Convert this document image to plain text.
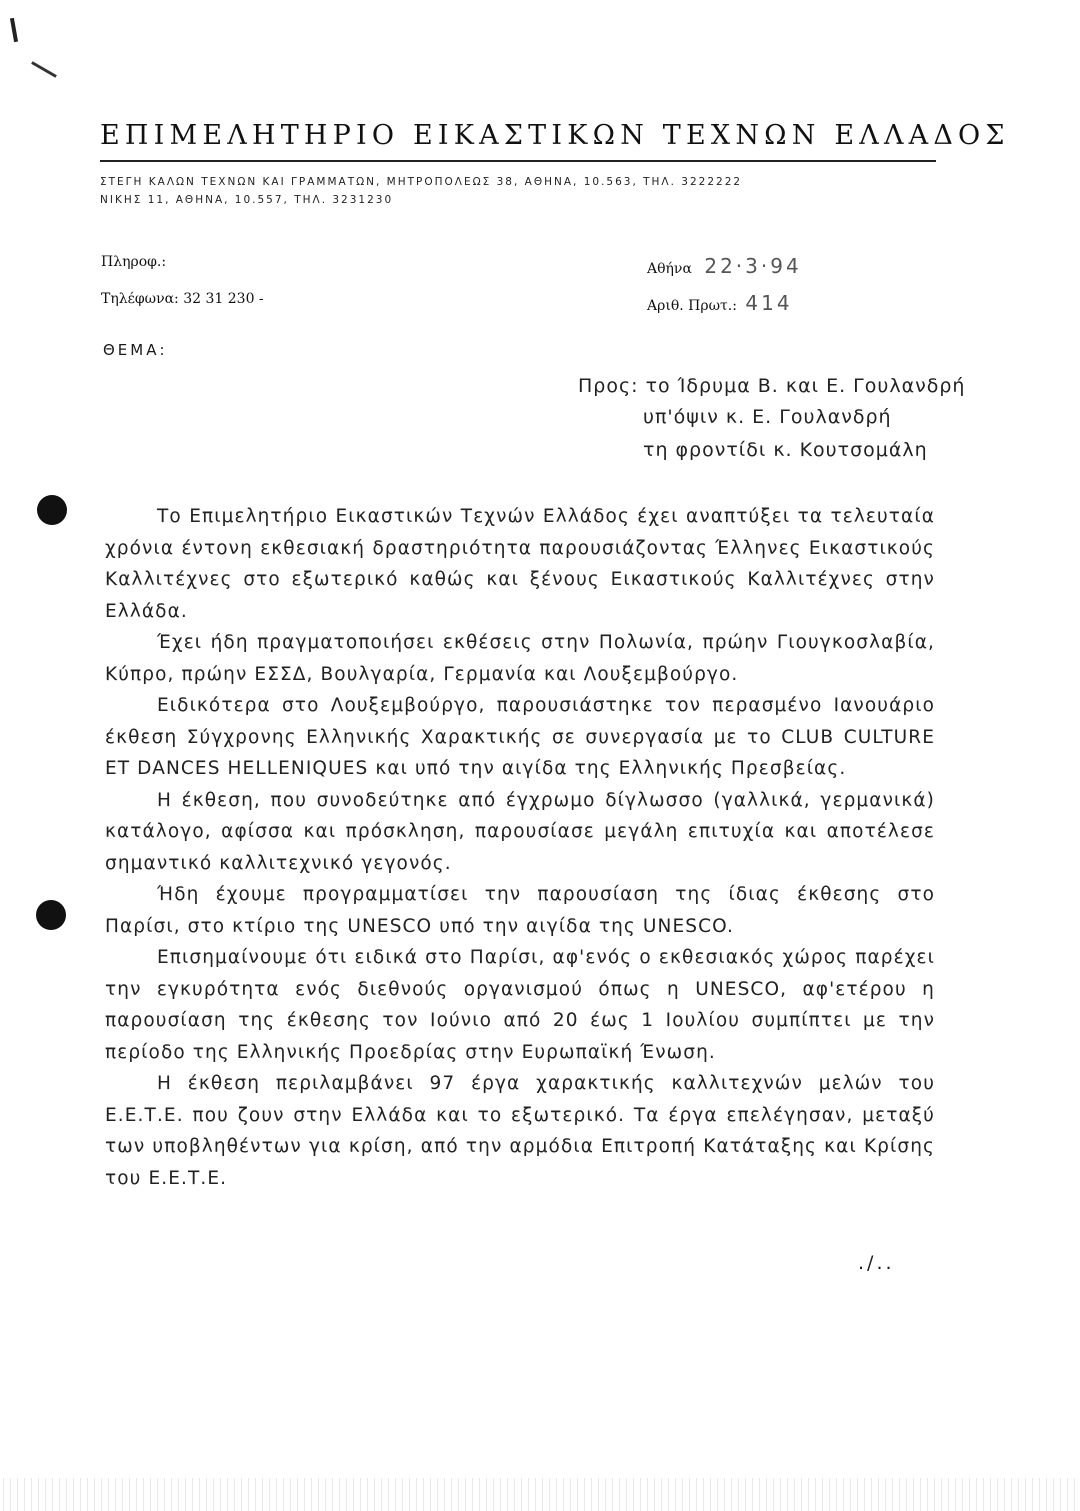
ΕΠΙΜΕΛΗΤΗΡΙΟ ΕΙΚΑΣΤΙΚΩΝ ΤΕΧΝΩΝ ΕΛΛΑΔΟΣ
ΣΤΕΓΗ ΚΑΛΩΝ ΤΕΧΝΩΝ ΚΑΙ ΓΡΑΜΜΑΤΩΝ, ΜΗΤΡΟΠΟΛΕΩΣ 38, ΑΘΗΝΑ, 10.563, ΤΗΛ. 3222222
ΝΙΚΗΣ 11, ΑΘΗΝΑ, 10.557, ΤΗΛ. 3231230
Πληροφ.:
Τηλέφωνα: 32 31 230 -
Αθήνα 22·3·94
Αριθ. Πρωτ.: 414
ΘΕΜΑ:
Προς: το Ίδρυμα Β. και Ε. Γουλανδρή
υπ'όψιν κ. Ε. Γουλανδρή
τη φροντίδι κ. Κουτσομάλη

Το Επιμελητήριο Εικαστικών Τεχνών Ελλάδος έχει αναπτύξει τα τελευταία χρόνια έντονη εκθεσιακή δραστηριότητα παρουσιάζοντας Έλληνες Εικαστικούς Καλλιτέχνες στο εξωτερικό καθώς και ξένους Εικαστικούς Καλλιτέχνες στην Ελλάδα.

Έχει ήδη πραγματοποιήσει εκθέσεις στην Πολωνία, πρώην Γιουγκοσλαβία, Κύπρο, πρώην ΕΣΣΔ, Βουλγαρία, Γερμανία και Λουξεμβούργο.

Ειδικότερα στο Λουξεμβούργο, παρουσιάστηκε τον περασμένο Ιανουάριο έκθεση Σύγχρονης Ελληνικής Χαρακτικής σε συνεργασία με το CLUB CULTURE ET DANCES HELLENIQUES και υπό την αιγίδα της Ελληνικής Πρεσβείας.

Η έκθεση, που συνοδεύτηκε από έγχρωμο δίγλωσσο (γαλλικά, γερμανικά) κατάλογο, αφίσσα και πρόσκληση, παρουσίασε μεγάλη επιτυχία και αποτέλεσε σημαντικό καλλιτεχνικό γεγονός.

Ήδη έχουμε προγραμματίσει την παρουσίαση της ίδιας έκθεσης στο Παρίσι, στο κτίριο της UNESCO υπό την αιγίδα της UNESCO.

Επισημαίνουμε ότι ειδικά στο Παρίσι, αφ'ενός ο εκθεσιακός χώρος παρέχει την εγκυρότητα ενός διεθνούς οργανισμού όπως η UNESCO, αφ'ετέρου η παρουσίαση της έκθεσης τον Ιούνιο από 20 έως 1 Ιουλίου συμπίπτει με την περίοδο της Ελληνικής Προεδρίας στην Ευρωπαϊκή Ένωση.

Η έκθεση περιλαμβάνει 97 έργα χαρακτικής καλλιτεχνών μελών του Ε.Ε.Τ.Ε. που ζουν στην Ελλάδα και το εξωτερικό. Τα έργα επελέγησαν, μεταξύ των υποβληθέντων για κρίση, από την αρμόδια Επιτροπή Κατάταξης και Κρίσης του Ε.Ε.Τ.Ε.

./..
